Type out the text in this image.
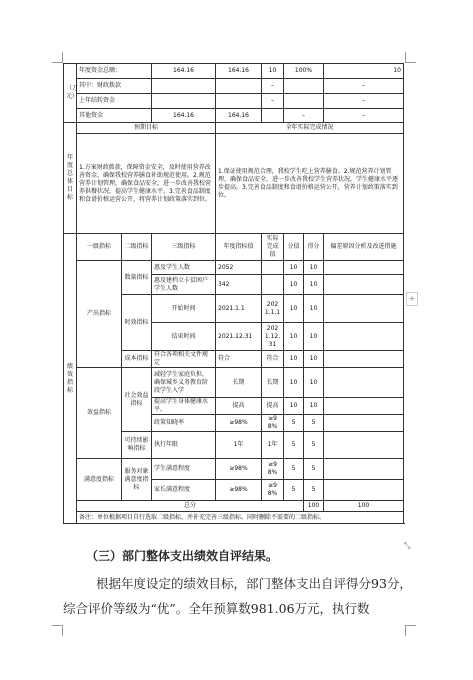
（万元）	年度资金总额：		164.16	164.16	10	100%		10	
	其中：财政拨款				–			–	
	上年结转资金				–			–	
	其他资金		164.16	164.16		–		–	
年度总体目标	预期目标			全年实际完成情况					
	1.方案财政拨款，保障资金安全，及时使用营养改善资金，确保我校营养膳食补助规范使用。2.规范营养计划管理，确保食品安全，进一步改善我校营养供餐状况，提高学生健康水平。3.完善食品制度和食谱价格运营公开，将营养计划政策落实到位。			1.保证使用规范合理，我校学生吃上营养膳食。2.规范营养计划管理，确保食品安全，进一步改善我校学生营养状况，学生健康水平逐步提高。3.完善食品制度和食谱价格运营公开，营养计划政策落实到位。					
绩效指标	一级指标	二级指标	三级指标	年度指标值	实际完成值	分值	得分	偏差原因分析及改进措施	
	产出指标	数量指标	惠及学生人数	2052		10	10		
			惠及建档立卡贫困户学生人数	342		10	10		
		时效指标	开始时间	2021.1.1	2021.1.1	10	10		
			结束时间	2021.12.31	2021.12.31	10	10		
		成本指标	符合各项相关文件规定	符合	符合	10	10		
	效益指标	社会效益指标	减轻学生家庭负担，确保城乡义务教育阶段学生入学	长期	长期	10	10		
			提高学生身体健康水平。	提高	提高	10	10		
			政策知晓率	≥98%	≥98%	5	5		
		可持续影响指标	执行年限	1年	1年	5	5		
	满意度指标	服务对象满意度指标	学生满意程度	≥98%	≥98%	5	5		
			家长满意程度	≥98%	≥98%	5	5		
	总分						100	100	
	备注：单位根据项目自行选取二级指标，并补充完善三级指标。同时删除不需要的二级指标。								
+
⤡
（三）部门整体支出绩效自评结果。
根据年度设定的绩效目标，部门整体支出自评得分93分，
综合评价等级为“优”。全年预算数981.06万元，执行数
